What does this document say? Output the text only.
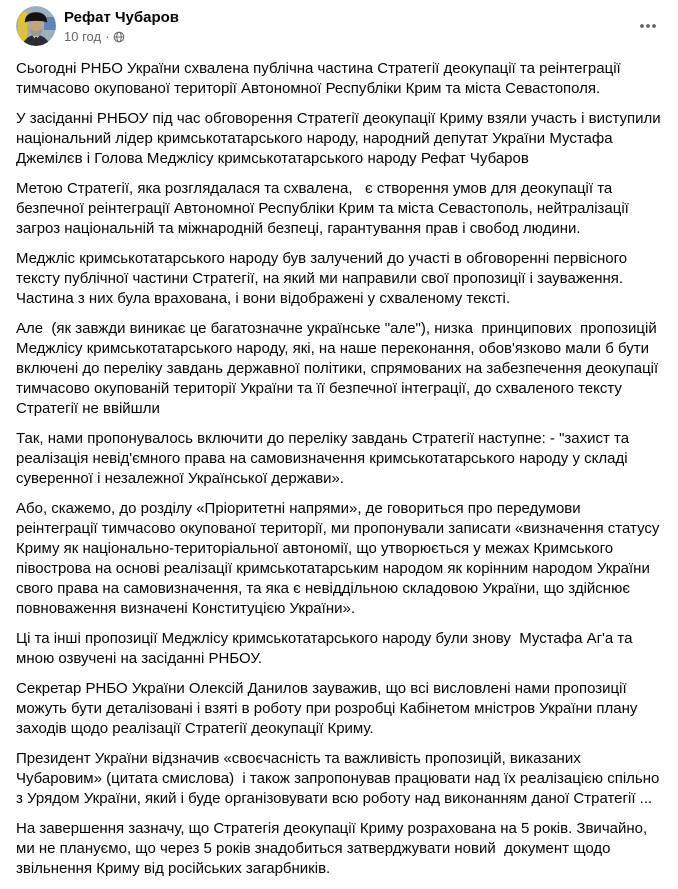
Рефат Чубаров
10 год ·

Сьогодні РНБО України схвалена публічна частина Стратегії деокупації та реінтеграції тимчасово окупованої території Автономної Республіки Крим та міста Севастополя.

У засіданні РНБОУ під час обговорення Стратегії деокупації Криму взяли участь і виступили національний лідер кримськотатарського народу, народний депутат України Мустафа Джемілєв і Голова Меджлісу кримськотатарського народу Рефат Чубаров

Метою Стратегії, яка розглядалася та схвалена,   є створення умов для деокупації та безпечної реінтеграції Автономної Республіки Крим та міста Севастополь, нейтралізації загроз національній та міжнародній безпеці, гарантування прав і свобод людини.

Меджліс кримськотатарського народу був залучений до участі в обговоренні первісного тексту публічної частини Стратегії, на який ми направили свої пропозиції і зауваження. Частина з них була врахована, і вони відображені у схваленому тексті.

Але  (як завжди виникає це багатозначне українське "але"), низка  принципових  пропозицій Меджлісу кримськотатарського народу, які, на наше переконання, обов'язково мали б бути включені до переліку завдань державної політики, спрямованих на забезпечення деокупації тимчасово окупованій території України та її безпечної інтеграції, до схваленого тексту Стратегії не ввійшли

Так, нами пропонувалось включити до переліку завдань Стратегії наступне: - "захист та реалізація невід'ємного права на самовизначення кримськотатарського народу у складі суверенної і незалежної Української держави».

Або, скажемо, до розділу «Пріоритетні напрями», де говориться про передумови реінтеграції тимчасово окупованої території, ми пропонували записати «визначення статусу Криму як національно-територіальної автономії, що утворюється у межах Кримського півострова на основі реалізації кримськотатарським народом як корінним народом України свого права на самовизначення, та яка є невіддільною складовою України, що здійснює повноваження визначені Конституцією України».

Ці та інші пропозиції Меджлісу кримськотатарського народу були знову  Мустафа Аг'а та мною озвучені на засіданні РНБОУ.

Секретар РНБО України Олексій Данилов зауважив, що всі висловлені нами пропозиції можуть бути деталізовані і взяті в роботу при розробці Кабінетом мністров України плану заходів щодо реалізації Стратегії деокупації Криму.

Президент України відзначив «своєчасність та важливість пропозицій, виказаних Чубаровим» (цитата смислова)  і також запропонував працювати над їх реалізацією спільно з Урядом України, який і буде організовувати всю роботу над виконанням даної Стратегії ...

На завершення зазначу, що Стратегія деокупації Криму розрахована на 5 років. Звичайно, ми не плануємо, що через 5 років знадобиться затверджувати новий  документ щодо звільнення Криму від російських загарбників.
